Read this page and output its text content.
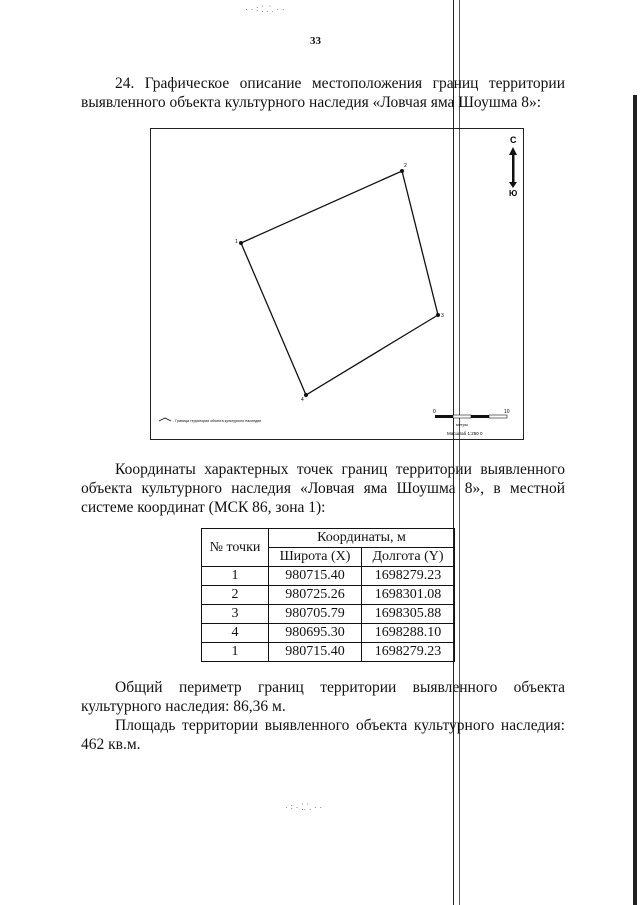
· · ꞉ ⁚ ⸫ · ·
33
24. Графическое описание местоположения границ территории выявленного объекта культурного наследия «Ловчая яма Шоушма 8»:
1
2
3
4
С
Ю
- Граница территории объекта культурного наследия
0	10
метры
Масштаб 1:250 0
Координаты характерных точек границ территории выявленного объекта культурного наследия «Ловчая яма Шоушма 8», в местной системе координат (МСК 86, зона 1):
№ точки	Координаты, м	
	Широта (X)	Долгота (Y)
1	980715.40	1698279.23
2	980725.26	1698301.08
3	980705.79	1698305.88
4	980695.30	1698288.10
1	980715.40	1698279.23
Общий периметр границ территории выявленного объекта культурного наследия: 86,36 м.
Площадь территории выявленного объекта культурного наследия: 462 кв.м.
· ꞉ · ⁚⸫ · ·
